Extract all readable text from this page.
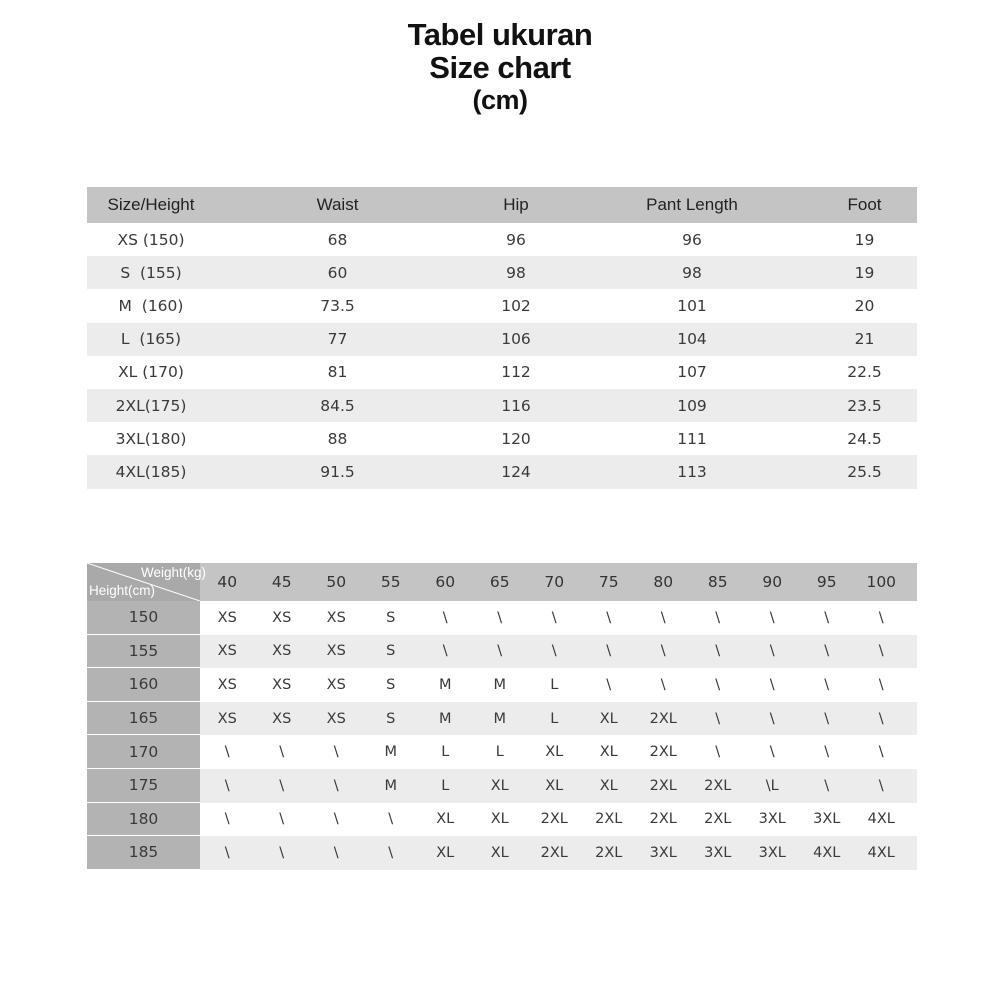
Tabel ukuran
Size chart
(cm)
Size/Height	Waist	Hip	Pant Length	Foot
XS (150)	68	96	96	19
S  (155)	60	98	98	19
M  (160)	73.5	102	101	20
L  (165)	77	106	104	21
XL (170)	81	112	107	22.5
2XL(175)	84.5	116	109	23.5
3XL(180)	88	120	111	24.5
4XL(185)	91.5	124	113	25.5
Weight(kg)
Height(cm)	40	45	50	55	60	65	70	75	80	85	90	95	100
150	XS	XS	XS	S	\	\	\	\	\	\	\	\	\
155	XS	XS	XS	S	\	\	\	\	\	\	\	\	\
160	XS	XS	XS	S	M	M	L	\	\	\	\	\	\
165	XS	XS	XS	S	M	M	L	XL	2XL	\	\	\	\
170	\	\	\	M	L	L	XL	XL	2XL	\	\	\	\
175	\	\	\	M	L	XL	XL	XL	2XL	2XL	\L	\	\
180	\	\	\	\	XL	XL	2XL	2XL	2XL	2XL	3XL	3XL	4XL
185	\	\	\	\	XL	XL	2XL	2XL	3XL	3XL	3XL	4XL	4XL
